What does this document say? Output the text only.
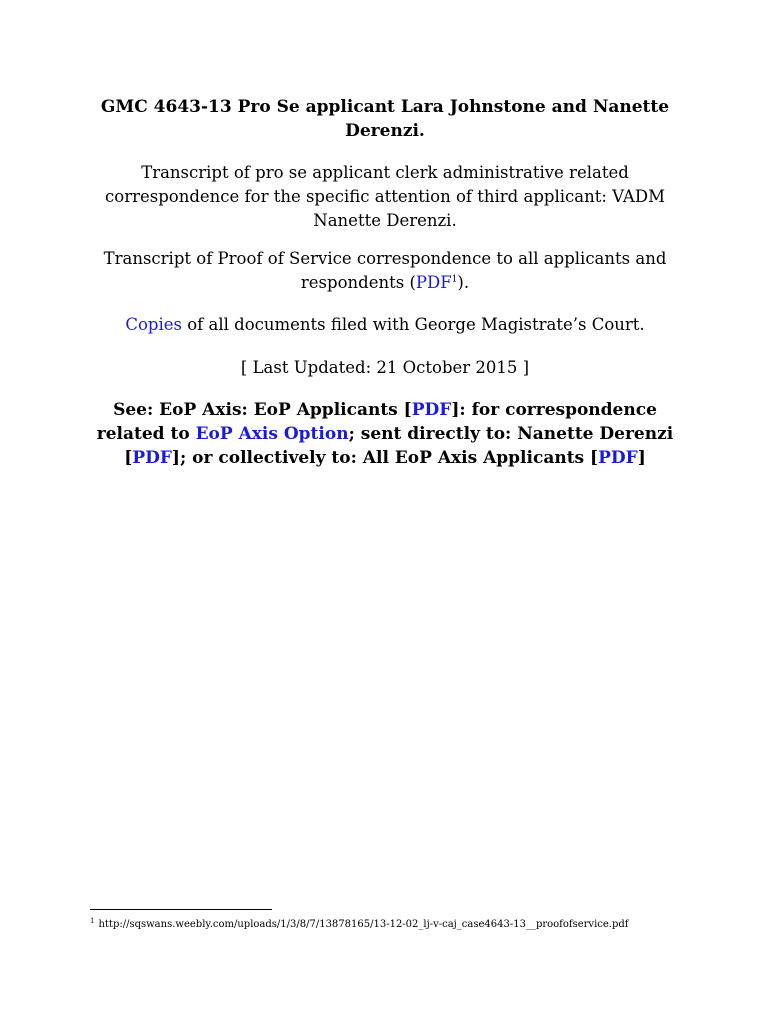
GMC 4643-13 Pro Se applicant Lara Johnstone and Nanette
Derenzi.
Transcript of pro se applicant clerk administrative related
correspondence for the specific attention of third applicant: VADM
Nanette Derenzi.
Transcript of Proof of Service correspondence to all applicants and
respondents (PDF$^1$).
Copies of all documents filed with George Magistrate’s Court.
[ Last Updated: 21 October 2015 ]
See: EoP Axis: EoP Applicants [PDF]: for correspondence
related to EoP Axis Option; sent directly to: Nanette Derenzi
[PDF]; or collectively to: All EoP Axis Applicants [PDF]
$^1$ http://sqswans.weebly.com/uploads/1/3/8/7/13878165/13-12-02_lj-v-caj_case4643-13__proofofservice.pdf
